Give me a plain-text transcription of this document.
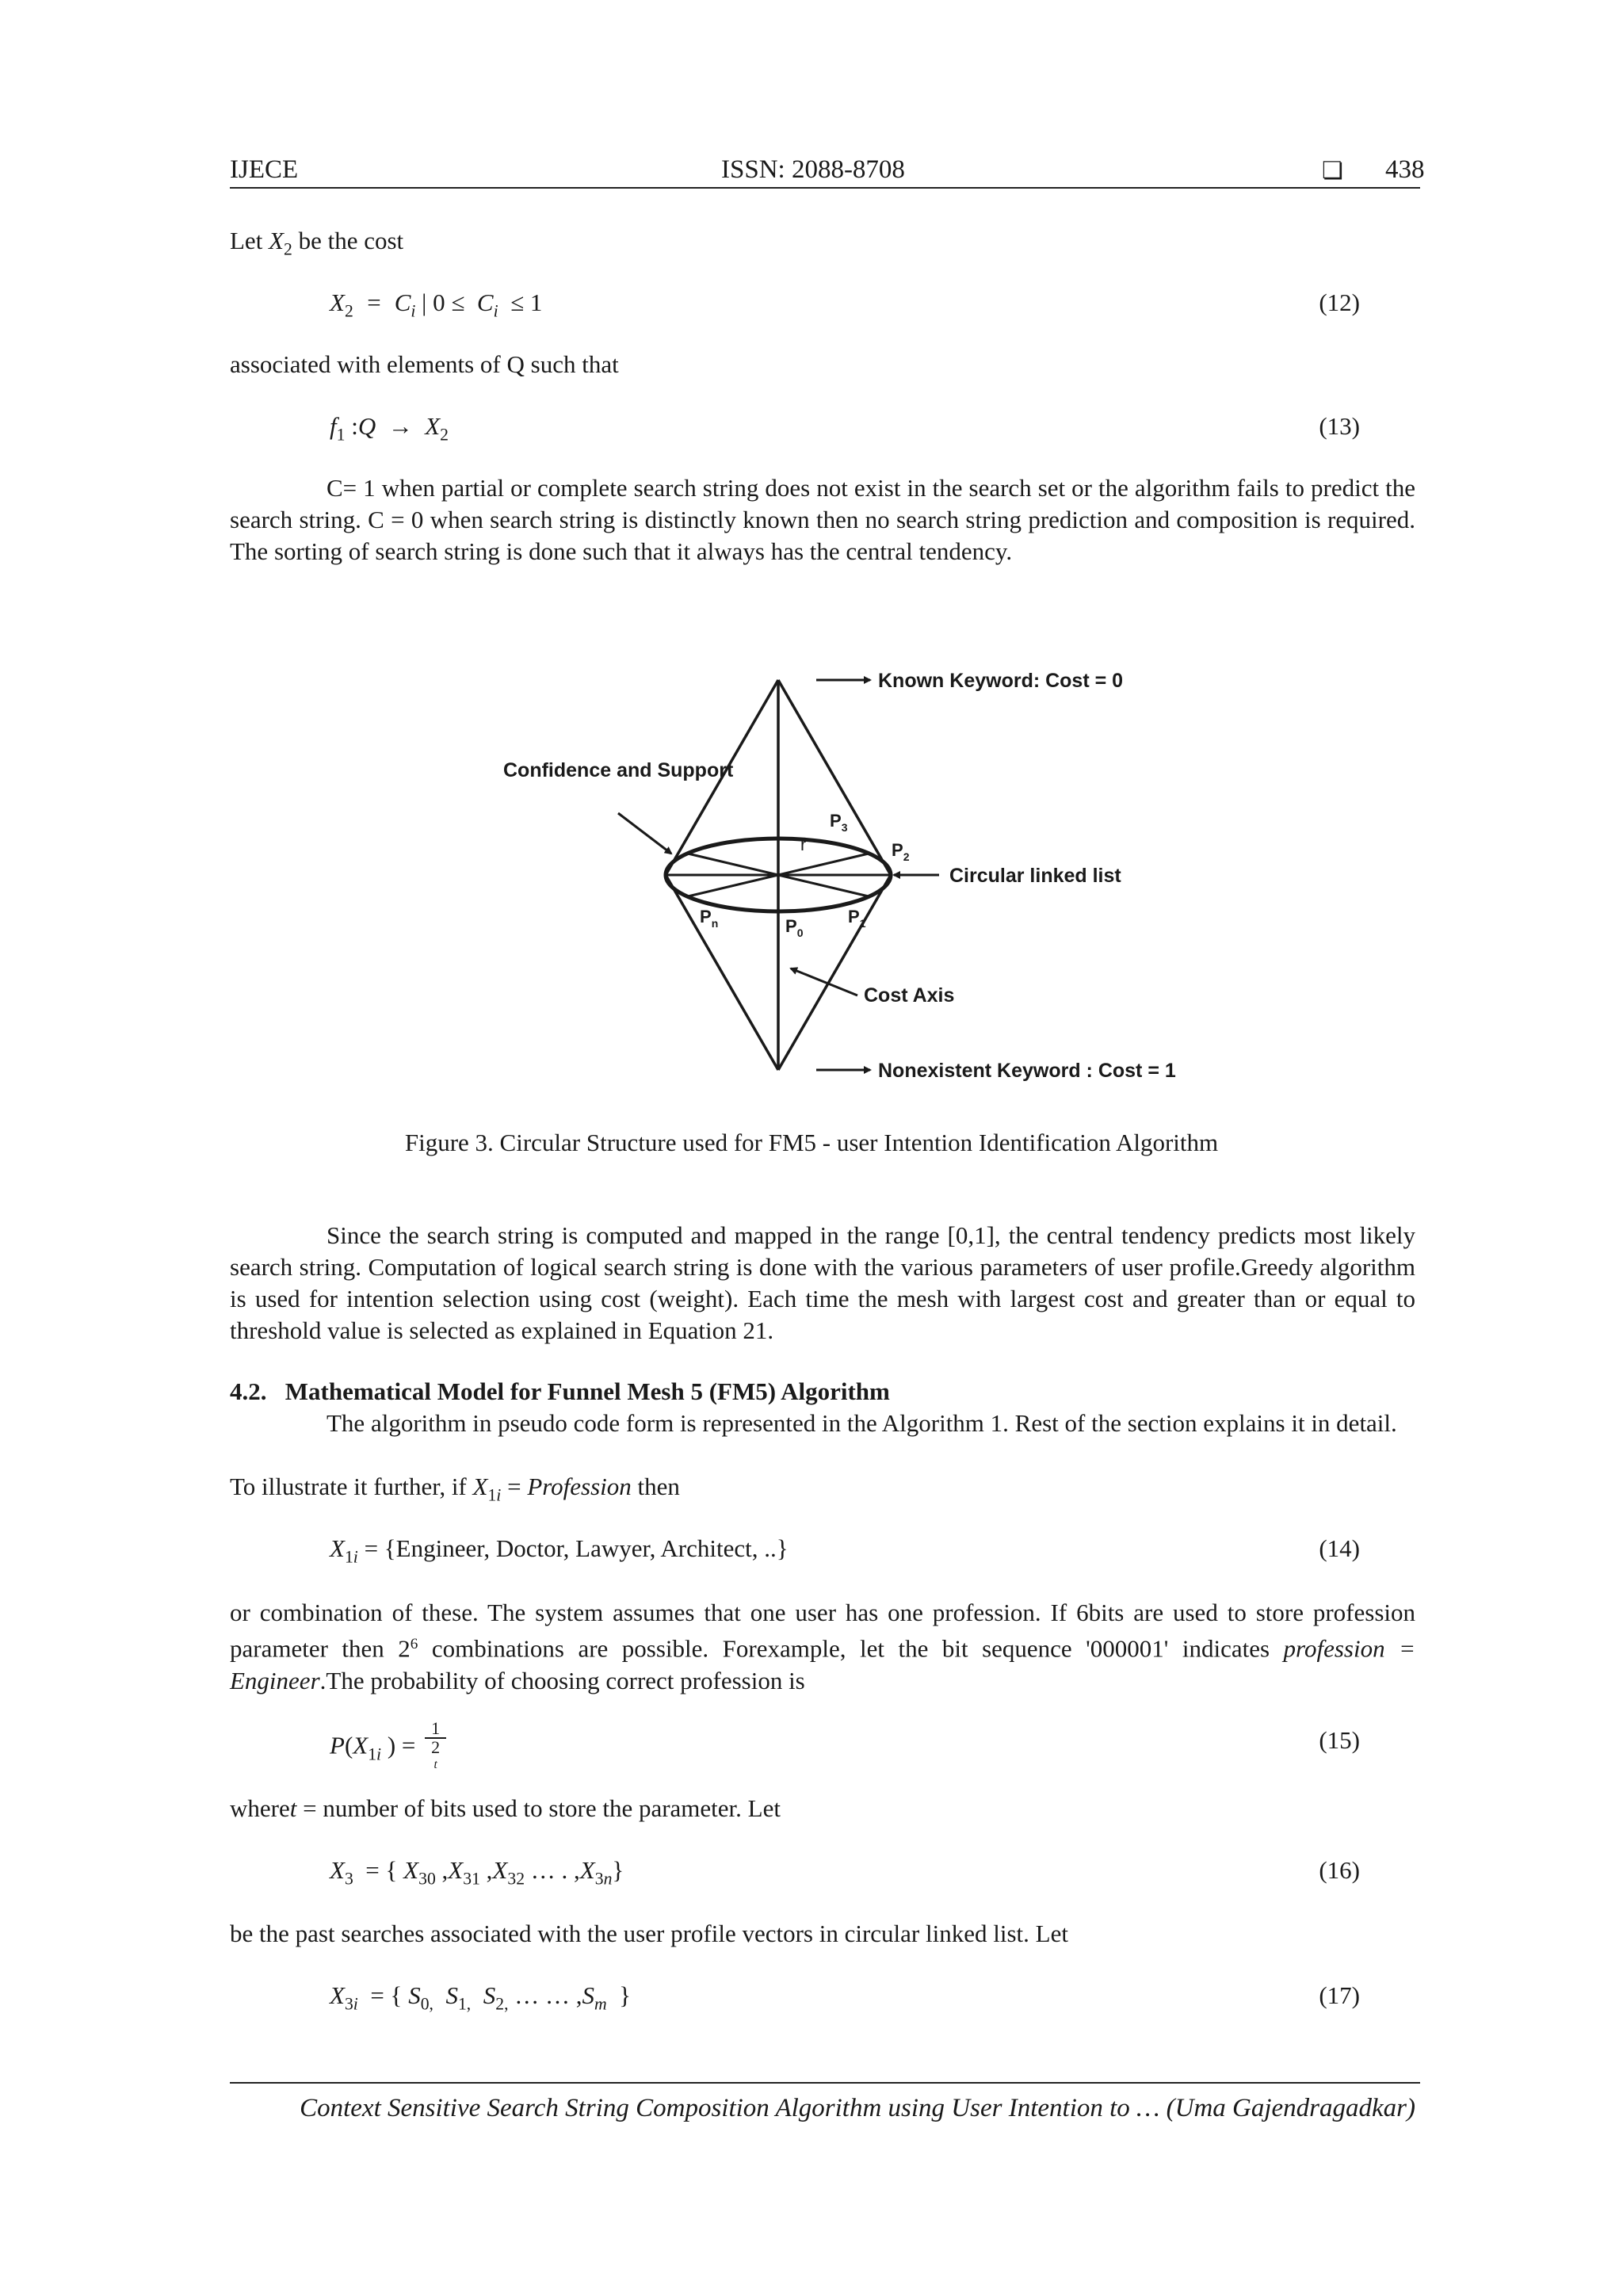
IJECE	ISSN: 2088-8708	❏ 438
Let $X_2$ be the cost
$X_2 = C_i$ | $0 \le C_i \le 1$	(12)
associated with elements of Q such that
$f_1$ :Q  →  $X_2$	(13)
C= 1 when partial or complete search string does not exist in the search set or the algorithm fails to predict the search string. C = 0 when search string is distinctly known then no search string prediction and composition is required. The sorting of search string is done such that it always has the central tendency.
Known Keyword: Cost = 0
Confidence and Support
Circular linked list
Cost Axis
Nonexistent Keyword : Cost = 1
r
$P_3$
$P_2$
$P_n$	$P_0$
$P_1$
Figure 3. Circular Structure used for FM5 - user Intention Identification Algorithm
Since the search string is computed and mapped in the range [0,1], the central tendency predicts most likely search string. Computation of logical search string is done with the various parameters of user profile.Greedy algorithm is used for intention selection using cost (weight). Each time the mesh with largest cost and greater than or equal to threshold value is selected as explained in Equation 21.
4.2.   Mathematical Model for Funnel Mesh 5 (FM5) Algorithm
The algorithm in pseudo code form is represented in the Algorithm 1. Rest of the section explains it in detail.
To illustrate it further, if $X_{1i}$ = Profession then
$X_{1i}$ = {Engineer, Doctor, Lawyer, Architect, ..}	(14)
or combination of these. The system assumes that one user has one profession. If 6bits are used to store profession parameter then $2^6$ combinations are possible. Forexample, let the bit sequence '000001' indicates profession = Engineer.The probability of choosing correct profession is
$P(X_{1i}$ ) = 1
2
$^t$	(15)
wheret = number of bits used to store the parameter. Let
$X_3$  = { $X_{30}$ $,X_{31}$ $,X_{32}$ … . $,X_{3n}$}	(16)
be the past searches associated with the user profile vectors in circular linked list. Let
$X_{3i}$  = { $S_{0,}$  $S_{1,}$  $S_{2,}$ … … $,S_m$  }	(17)
Context Sensitive Search String Composition Algorithm using User Intention to … (Uma Gajendragadkar)
